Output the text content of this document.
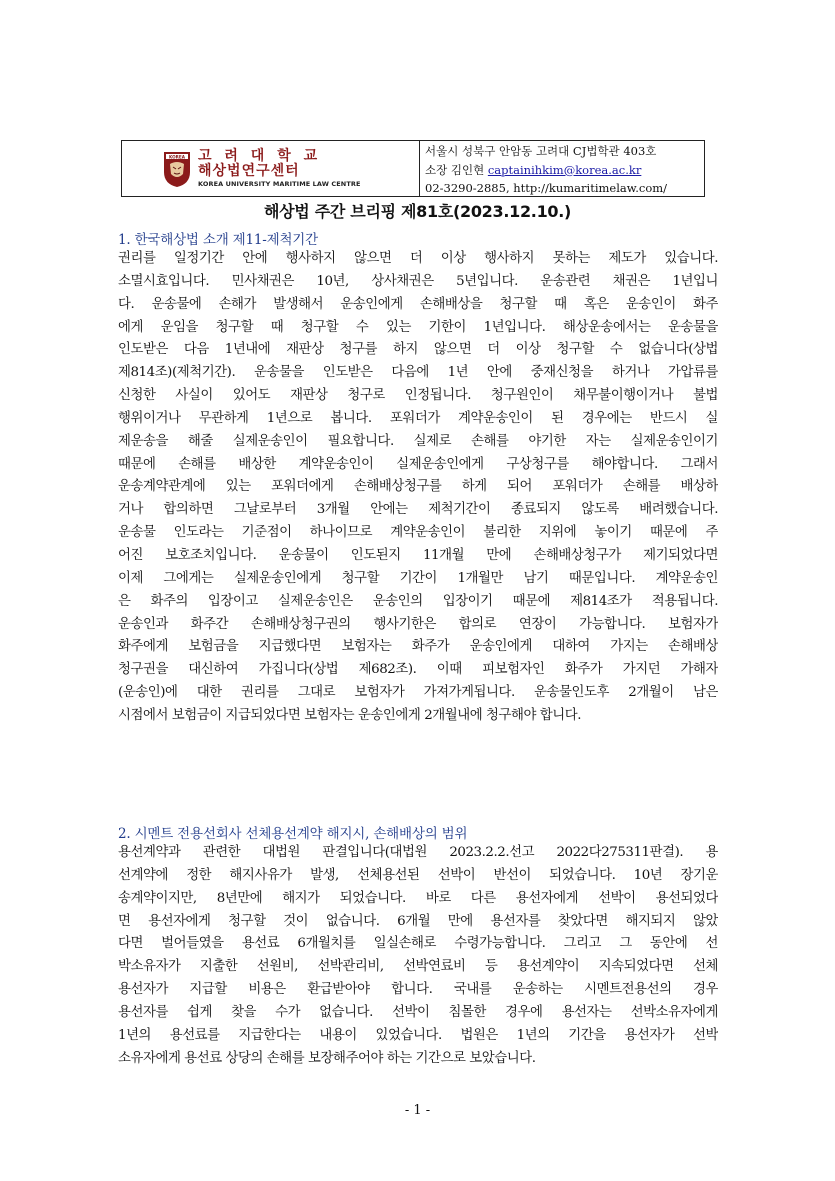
KOREA 고 려 대 학 교
해상법연구센터
KOREA UNIVERSITY MARITIME LAW CENTRE
서울시 성북구 안암동 고려대 CJ법학관 403호
소장 김인현 captainihkim@korea.ac.kr
02-3290-2885, http://kumaritimelaw.com/
해상법 주간 브리핑 제81호(2023.12.10.)
1. 한국해상법 소개 제11-제척기간
권리를 일정기간 안에 행사하지 않으면 더 이상 행사하지 못하는 제도가 있습니다.
소멸시효입니다. 민사채권은 10년, 상사채권은 5년입니다. 운송관련 채권은 1년입니
다. 운송물에 손해가 발생해서 운송인에게 손해배상을 청구할 때 혹은 운송인이 화주
에게 운임을 청구할 때 청구할 수 있는 기한이 1년입니다. 해상운송에서는 운송물을
인도받은 다음 1년내에 재판상 청구를 하지 않으면 더 이상 청구할 수 없습니다(상법
제814조)(제척기간). 운송물을 인도받은 다음에 1년 안에 중재신청을 하거나 가압류를
신청한 사실이 있어도 재판상 청구로 인정됩니다. 청구원인이 채무불이행이거나 불법
행위이거나 무관하게 1년으로 봅니다. 포워더가 계약운송인이 된 경우에는 반드시 실
제운송을 해줄 실제운송인이 필요합니다. 실제로 손해를 야기한 자는 실제운송인이기
때문에 손해를 배상한 계약운송인이 실제운송인에게 구상청구를 해야합니다. 그래서
운송계약관계에 있는 포워더에게 손해배상청구를 하게 되어 포워더가 손해를 배상하
거나 합의하면 그날로부터 3개월 안에는 제척기간이 종료되지 않도록 배려했습니다.
운송물 인도라는 기준점이 하나이므로 계약운송인이 불리한 지위에 놓이기 때문에 주
어진 보호조치입니다. 운송물이 인도된지 11개월 만에 손해배상청구가 제기되었다면
이제 그에게는 실제운송인에게 청구할 기간이 1개월만 남기 때문입니다. 계약운송인
은 화주의 입장이고 실제운송인은 운송인의 입장이기 때문에 제814조가 적용됩니다.
운송인과 화주간 손해배상청구권의 행사기한은 합의로 연장이 가능합니다. 보험자가
화주에게 보험금을 지급했다면 보험자는 화주가 운송인에게 대하여 가지는 손해배상
청구권을 대신하여 가집니다(상법 제682조). 이때 피보험자인 화주가 가지던 가해자
(운송인)에 대한 권리를 그대로 보험자가 가져가게됩니다. 운송물인도후 2개월이 남은
시점에서 보험금이 지급되었다면 보험자는 운송인에게 2개월내에 청구해야 합니다.
2. 시멘트 전용선회사 선체용선계약 해지시, 손해배상의 범위
용선계약과 관련한 대법원 판결입니다(대법원 2023.2.2.선고 2022다275311판결). 용
선계약에 정한 해지사유가 발생, 선체용선된 선박이 반선이 되었습니다. 10년 장기운
송계약이지만, 8년만에 해지가 되었습니다. 바로 다른 용선자에게 선박이 용선되었다
면 용선자에게 청구할 것이 없습니다. 6개월 만에 용선자를 찾았다면 해지되지 않았
다면 벌어들였을 용선료 6개월치를 일실손해로 수령가능합니다. 그리고 그 동안에 선
박소유자가 지출한 선원비, 선박관리비, 선박연료비 등 용선계약이 지속되었다면 선체
용선자가 지급할 비용은 환급받아야 합니다. 국내를 운송하는 시멘트전용선의 경우
용선자를 쉽게 찾을 수가 없습니다. 선박이 침몰한 경우에 용선자는 선박소유자에게
1년의 용선료를 지급한다는 내용이 있었습니다. 법원은 1년의 기간을 용선자가 선박
소유자에게 용선료 상당의 손해를 보장해주어야 하는 기간으로 보았습니다.
- 1 -
